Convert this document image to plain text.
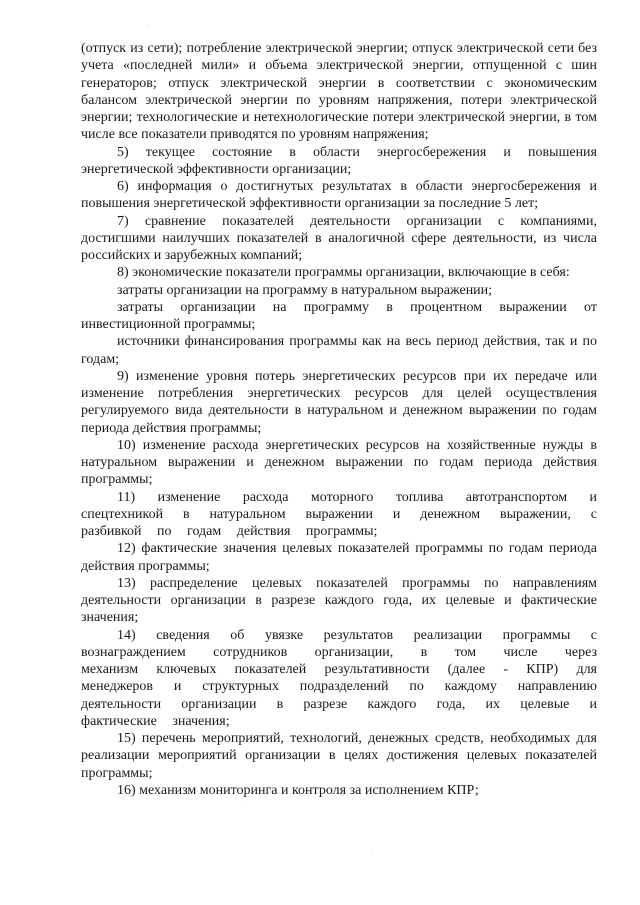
.
·
.

(отпуск из сети); потребление электрической энергии; отпуск электрической сети без учета «последней мили» и объема электрической энергии, отпущенной с шин генераторов; отпуск электрической энергии в соответствии с экономическим балансом электрической энергии по уровням напряжения, потери электрической энергии; технологические и нетехнологические потери электрической энергии, в том числе все показатели приводятся по уровням напряжения;

5) текущее состояние в области энергосбережения и повышения энергетической эффективности организации;

6) информация о достигнутых результатах в области энергосбережения и повышения энергетической эффективности организации за последние 5 лет;

7) сравнение показателей деятельности организации с компаниями, достигшими наилучших показателей в аналогичной сфере деятельности, из числа российских и зарубежных компаний;

8) экономические показатели программы организации, включающие в себя:

затраты организации на программу в натуральном выражении;

затраты организации на программу в процентном выражении от инвестиционной программы;

источники финансирования программы как на весь период действия, так и по годам;

9) изменение уровня потерь энергетических ресурсов при их передаче или изменение потребления энергетических ресурсов для целей осуществления регулируемого вида деятельности в натуральном и денежном выражении по годам периода действия программы;

10) изменение расхода энергетических ресурсов на хозяйственные нужды в натуральном выражении и денежном выражении по годам периода действия программы;

11) изменение расхода моторного топлива автотранспортом и спецтехникой в натуральном выражении и денежном выражении, с разбивкой по годам действия программы;

12) фактические значения целевых показателей программы по годам периода действия программы;

13) распределение целевых показателей программы по направлениям деятельности организации в разрезе каждого года, их целевые и фактические значения;

14) сведения об увязке результатов реализации программы с вознаграждением сотрудников организации, в том числе через механизм ключевых показателей результативности (далее - КПР) для менеджеров и структурных подразделений по каждому направлению деятельности организации в разрезе каждого года, их целевые и фактические значения;

15) перечень мероприятий, технологий, денежных средств, необходимых для реализации мероприятий организации в целях достижения целевых показателей программы;

16) механизм мониторинга и контроля за исполнением КПР;
